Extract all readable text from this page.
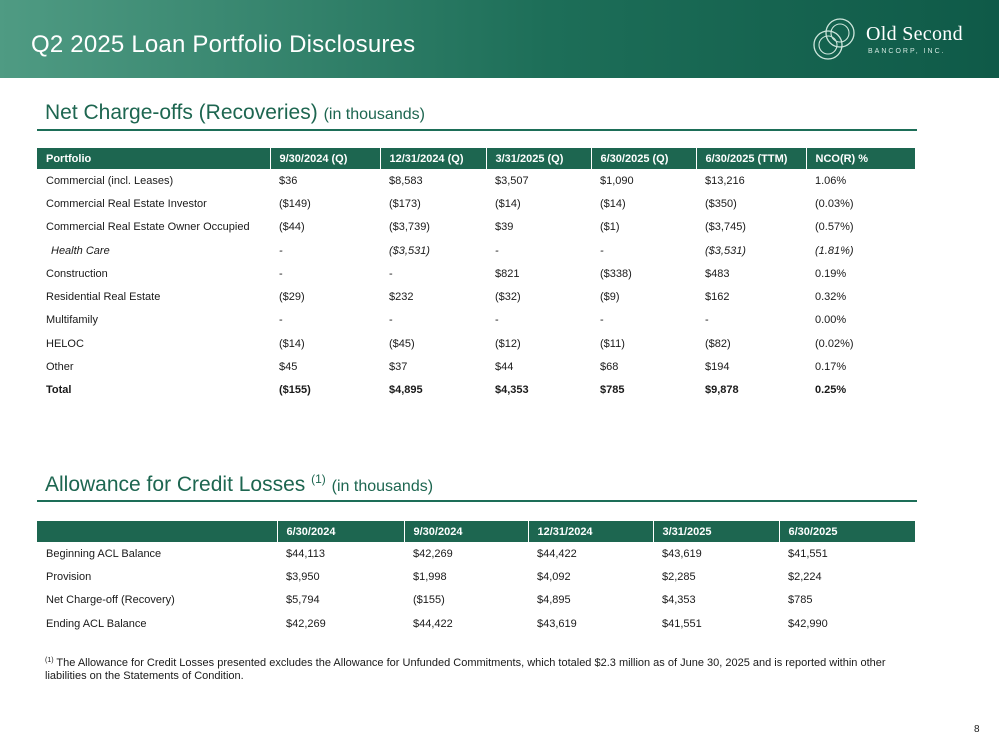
Q2 2025 Loan Portfolio Disclosures	Old Second
BANCORP, INC.
Net Charge-offs (Recoveries) (in thousands)
Portfolio	9/30/2024 (Q)	12/31/2024 (Q)	3/31/2025 (Q)	6/30/2025 (Q)	6/30/2025 (TTM)	NCO(R) %
Commercial (incl. Leases)	$36	$8,583	$3,507	$1,090	$13,216	1.06%
Commercial Real Estate Investor	($149)	($173)	($14)	($14)	($350)	(0.03%)
Commercial Real Estate Owner Occupied	($44)	($3,739)	$39	($1)	($3,745)	(0.57%)
Health Care	-	($3,531)	-	-	($3,531)	(1.81%)
Construction	-	-	$821	($338)	$483	0.19%
Residential Real Estate	($29)	$232	($32)	($9)	$162	0.32%
Multifamily	-	-	-	-	-	0.00%
HELOC	($14)	($45)	($12)	($11)	($82)	(0.02%)
Other	$45	$37	$44	$68	$194	0.17%
Total	($155)	$4,895	$4,353	$785	$9,878	0.25%
Allowance for Credit Losses $^{(1)}$ (in thousands)
	6/30/2024	9/30/2024	12/31/2024	3/31/2025	6/30/2025
Beginning ACL Balance	$44,113	$42,269	$44,422	$43,619	$41,551
Provision	$3,950	$1,998	$4,092	$2,285	$2,224
Net Charge-off (Recovery)	$5,794	($155)	$4,895	$4,353	$785
Ending ACL Balance	$42,269	$44,422	$43,619	$41,551	$42,990
$^{(1)}$ The Allowance for Credit Losses presented excludes the Allowance for Unfunded Commitments, which totaled $2.3 million as of June 30, 2025 and is reported within other liabilities on the Statements of Condition.
8
